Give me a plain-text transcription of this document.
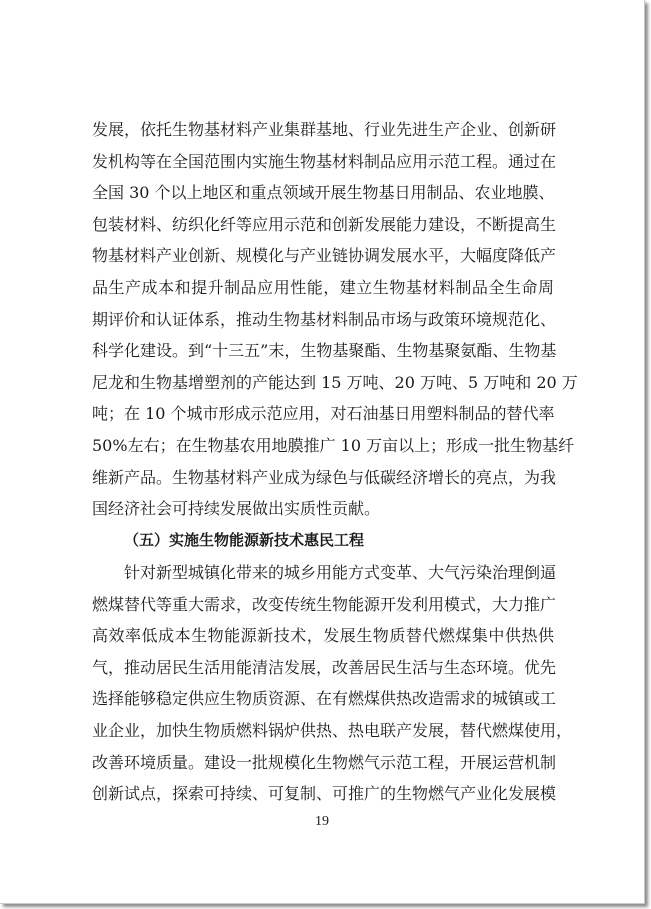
发展，依托生物基材料产业集群基地、行业先进生产企业、创新研
发机构等在全国范围内实施生物基材料制品应用示范工程。通过在
全国 30 个以上地区和重点领域开展生物基日用制品、农业地膜、
包装材料、纺织化纤等应用示范和创新发展能力建设，不断提高生
物基材料产业创新、规模化与产业链协调发展水平，大幅度降低产
品生产成本和提升制品应用性能，建立生物基材料制品全生命周
期评价和认证体系，推动生物基材料制品市场与政策环境规范化、
科学化建设。到“十三五”末，生物基聚酯、生物基聚氨酯、生物基
尼龙和生物基增塑剂的产能达到 15 万吨、20 万吨、5 万吨和 20 万
吨；在 10 个城市形成示范应用，对石油基日用塑料制品的替代率
50%左右；在生物基农用地膜推广 10 万亩以上；形成一批生物基纤
维新产品。生物基材料产业成为绿色与低碳经济增长的亮点，为我
国经济社会可持续发展做出实质性贡献。
（五）实施生物能源新技术惠民工程
针对新型城镇化带来的城乡用能方式变革、大气污染治理倒逼
燃煤替代等重大需求，改变传统生物能源开发利用模式，大力推广
高效率低成本生物能源新技术，发展生物质替代燃煤集中供热供
气，推动居民生活用能清洁发展，改善居民生活与生态环境。优先
选择能够稳定供应生物质资源、在有燃煤供热改造需求的城镇或工
业企业，加快生物质燃料锅炉供热、热电联产发展，替代燃煤使用，
改善环境质量。建设一批规模化生物燃气示范工程，开展运营机制
创新试点，探索可持续、可复制、可推广的生物燃气产业化发展模
19
